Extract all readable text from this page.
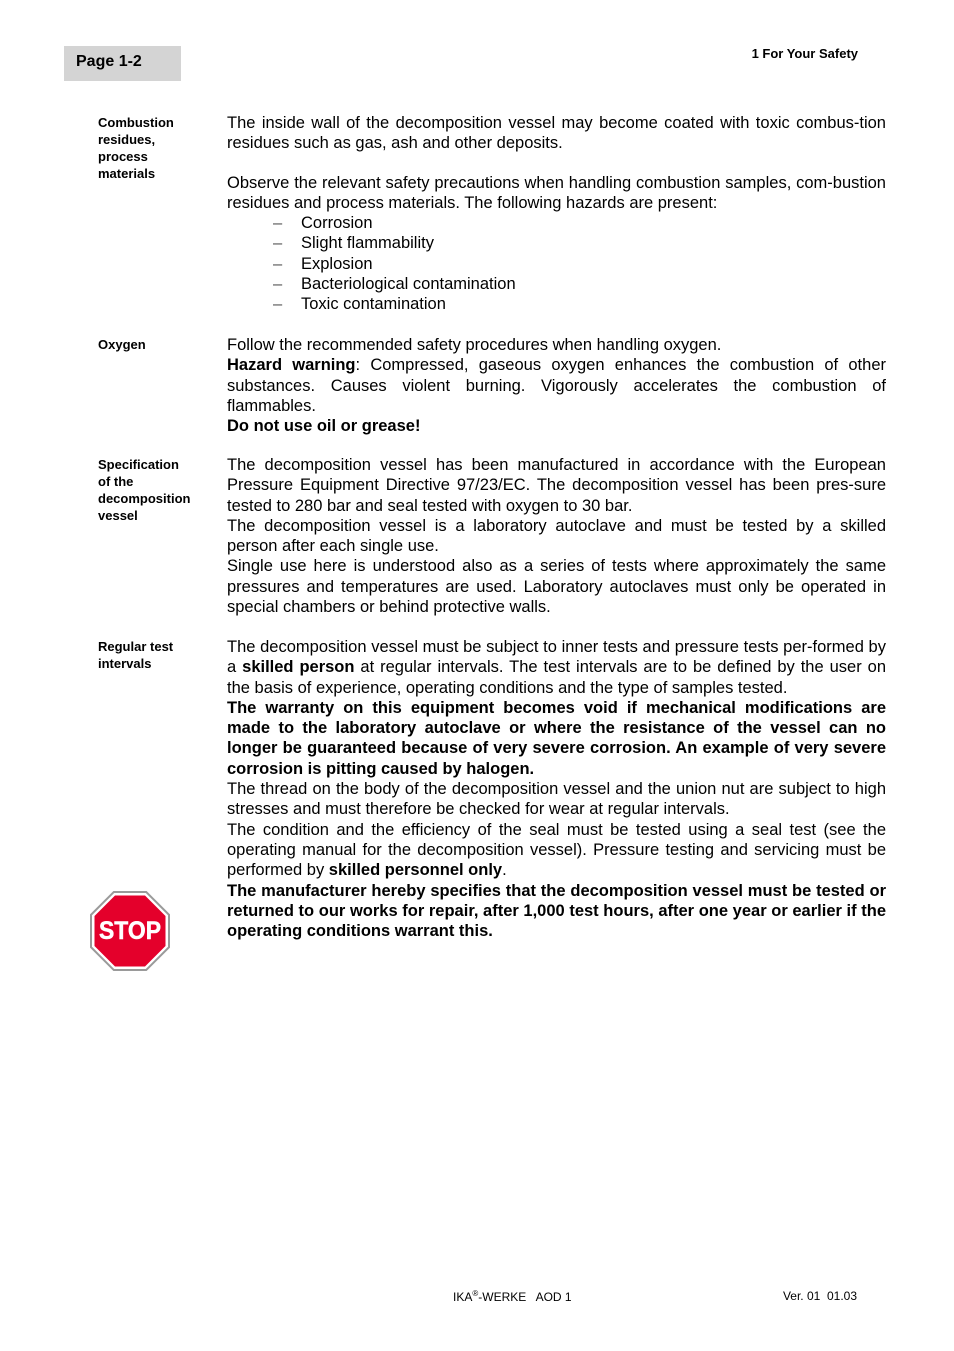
Page 1-2	1 For Your Safety
Combustion
residues,
process
materials

The inside wall of the decomposition vessel may become coated with toxic combus-tion residues such as gas, ash and other deposits.

Observe the relevant safety precautions when handling combustion samples, com-bustion residues and process materials. The following hazards are present:

– Corrosion
– Slight flammability
– Explosion
– Bacteriological contamination
– Toxic contamination
Oxygen	Follow the recommended safety procedures when handling oxygen.

Hazard warning: Compressed, gaseous oxygen enhances the combustion of other substances. Causes violent burning. Vigorously accelerates the combustion of flammables.

Do not use oil or grease!

Specification
of the
decomposition
vessel

The decomposition vessel has been manufactured in accordance with the European Pressure Equipment Directive 97/23/EC. The decomposition vessel has been pres-sure tested to 280 bar and seal tested with oxygen to 30 bar.

The decomposition vessel is a laboratory autoclave and must be tested by a skilled person after each single use.

Single use here is understood also as a series of tests where approximately the same pressures and temperatures are used. Laboratory autoclaves must only be operated in special chambers or behind protective walls.

Regular test
intervals

The decomposition vessel must be subject to inner tests and pressure tests per-formed by a skilled person at regular intervals. The test intervals are to be defined by the user on the basis of experience, operating conditions and the type of samples tested.

The warranty on this equipment becomes void if mechanical modifications are made to the laboratory autoclave or where the resistance of the vessel can no longer be guaranteed because of very severe corrosion. An example of very severe corrosion is pitting caused by halogen.

The thread on the body of the decomposition vessel and the union nut are subject to high stresses and must therefore be checked for wear at regular intervals.

The condition and the efficiency of the seal must be tested using a seal test (see the operating manual for the decomposition vessel). Pressure testing and servicing must be performed by skilled personnel only.

The manufacturer hereby specifies that the decomposition vessel must be tested or returned to our works for repair, after 1,000 test hours, after one year or earlier if the operating conditions warrant this.

STOP
IKA®-WERKE   AOD 1	Ver. 01  01.03
